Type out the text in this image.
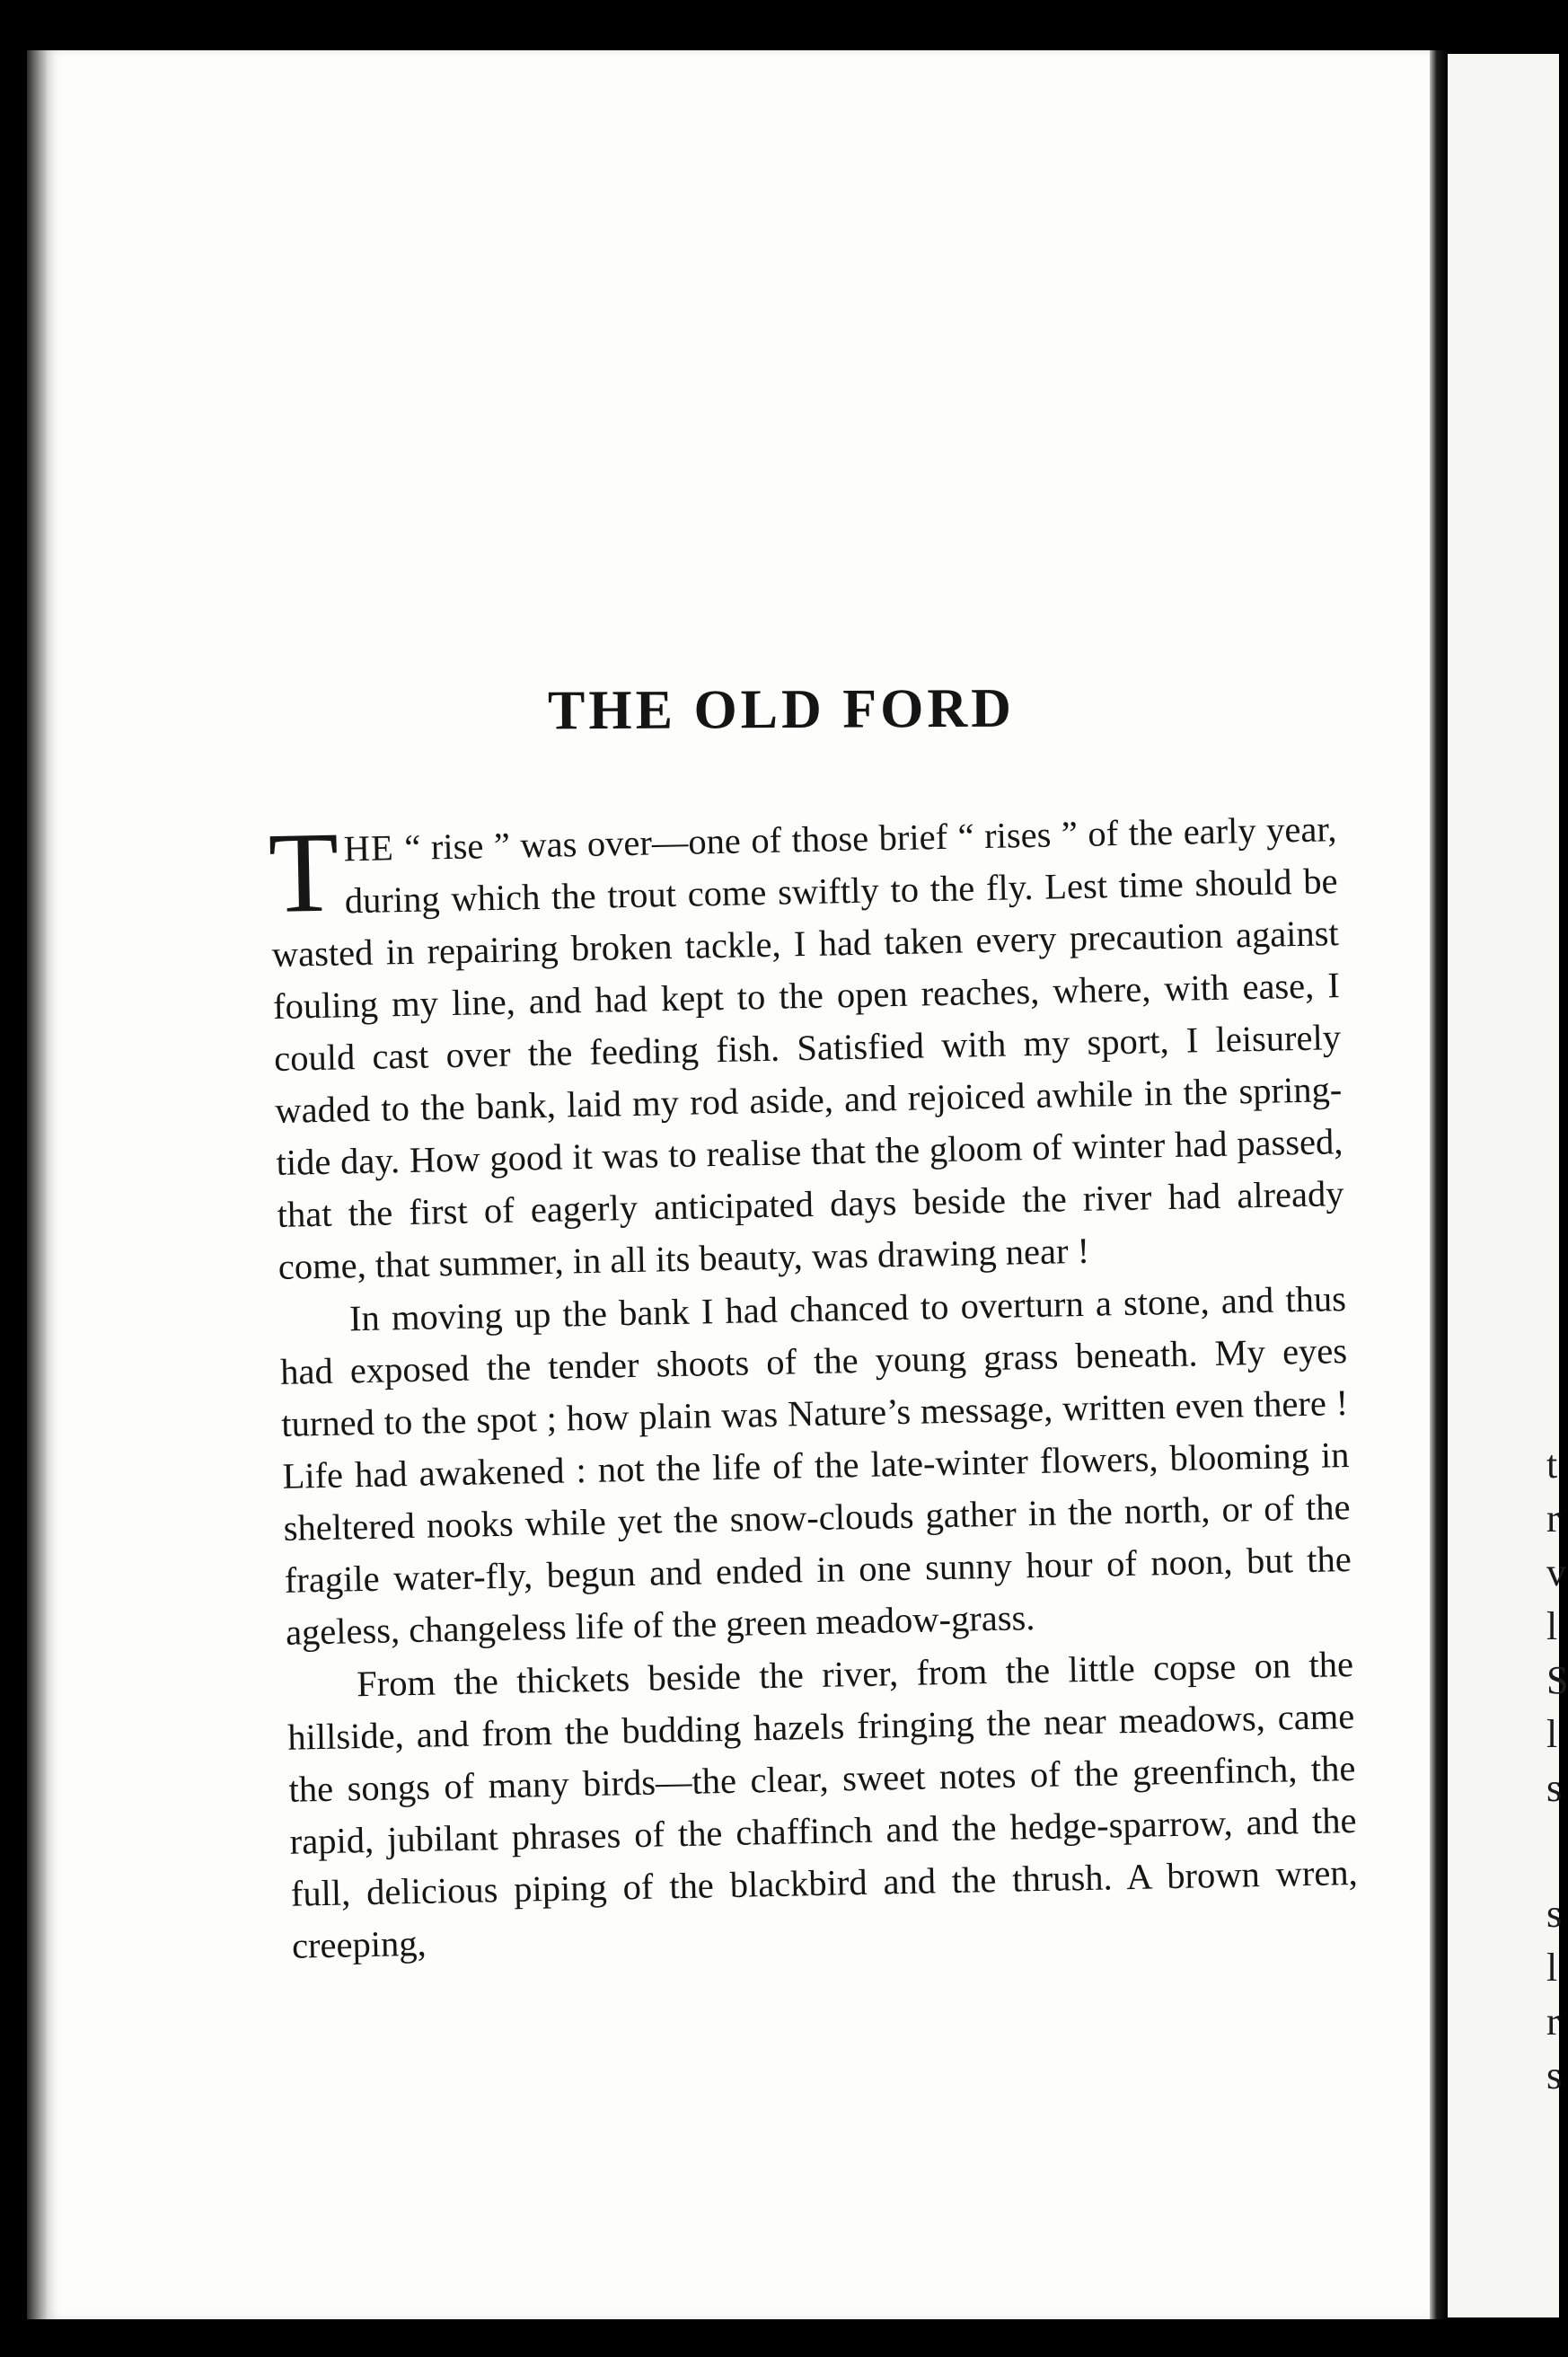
t
r
v
l
S
l
s
s
l
r
s
THE OLD FORD

THE “ rise ” was over—one of those brief “ rises ” of the early year, during which the trout come swiftly to the fly. Lest time should be wasted in repairing broken tackle, I had taken every precaution against fouling my line, and had kept to the open reaches, where, with ease, I could cast over the feeding fish. Satisfied with my sport, I leisurely waded to the bank, laid my rod aside, and rejoiced awhile in the spring-tide day. How good it was to realise that the gloom of winter had passed, that the first of eagerly anticipated days beside the river had already come, that summer, in all its beauty, was drawing near !

In moving up the bank I had chanced to overturn a stone, and thus had exposed the tender shoots of the young grass beneath. My eyes turned to the spot ; how plain was Nature’s message, written even there ! Life had awakened : not the life of the late-winter flowers, blooming in sheltered nooks while yet the snow-clouds gather in the north, or of the fragile water-fly, begun and ended in one sunny hour of noon, but the ageless, changeless life of the green meadow-grass.

From the thickets beside the river, from the little copse on the hillside, and from the budding hazels fringing the near meadows, came the songs of many birds—the clear, sweet notes of the greenfinch, the rapid, jubilant phrases of the chaffinch and the hedge-sparrow, and the full, delicious piping of the blackbird and the thrush. A brown wren, creeping,
